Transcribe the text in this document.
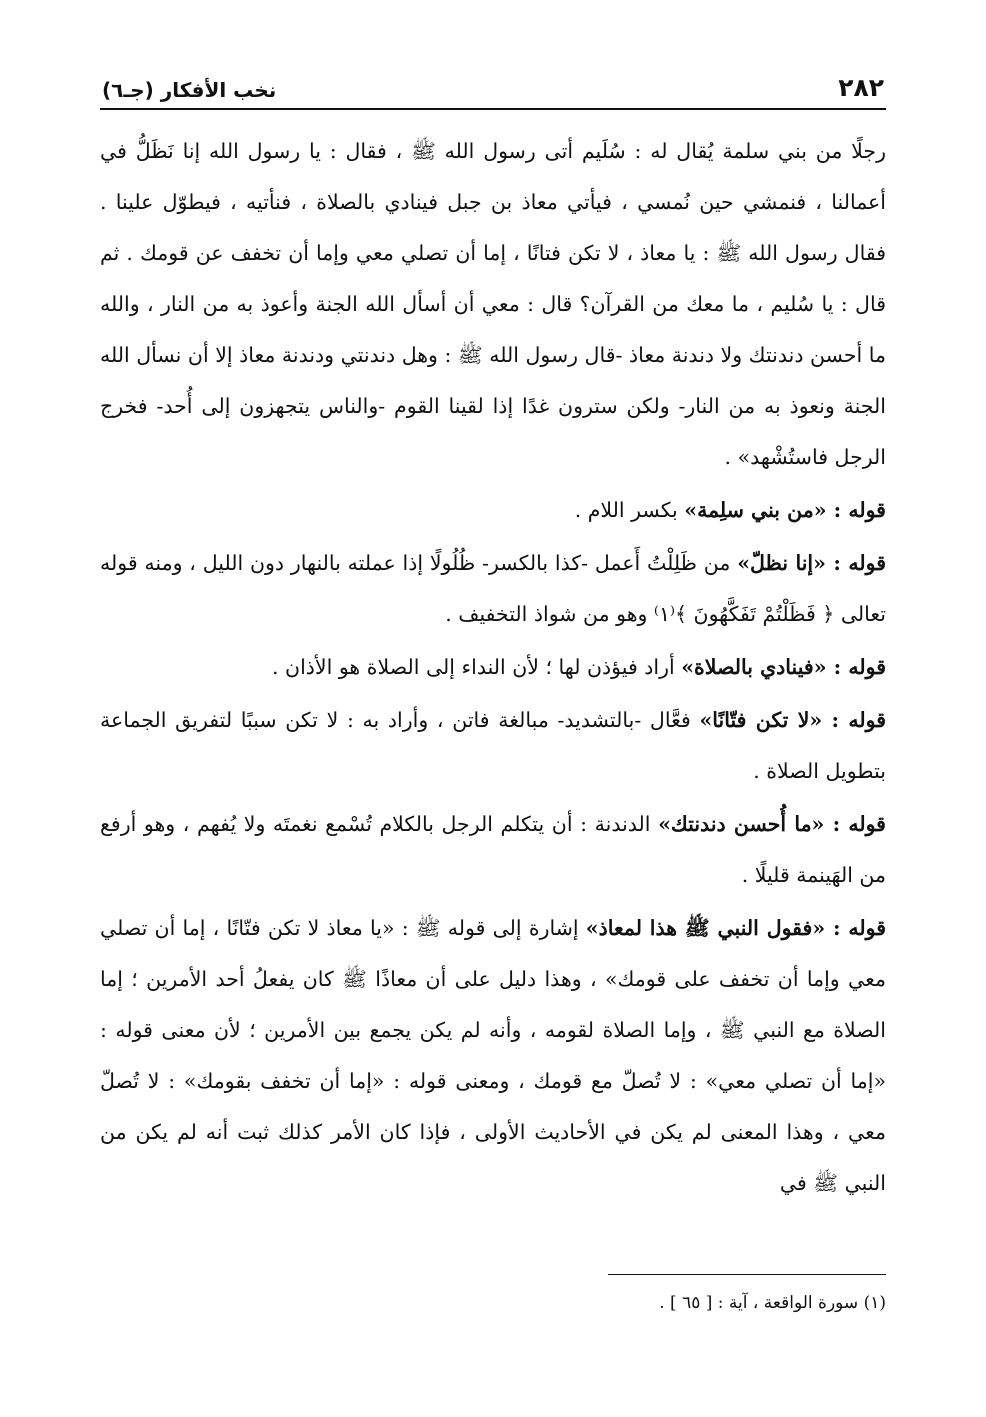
٢٨٢
نخب الأفكار (جـ٦)

رجلًا من بني سلمة يُقال له : سُلَيم أتى رسول الله ﷺ ، فقال : يا رسول الله إنا نَظَلُّ في أعمالنا ، فنمشي حين نُمسي ، فيأتي معاذ بن جبل فينادي بالصلاة ، فنأتيه ، فيطوّل علينا . فقال رسول الله ﷺ : يا معاذ ، لا تكن فتانًا ، إما أن تصلي معي وإما أن تخفف عن قومك . ثم قال : يا سُليم ، ما معك من القرآن؟ قال : معي أن أسأل الله الجنة وأعوذ به من النار ، والله ما أحسن دندنتك ولا دندنة معاذ -قال رسول الله ﷺ : وهل دندنتي ودندنة معاذ إلا أن نسأل الله الجنة ونعوذ به من النار- ولكن سترون غدًا إذا لقينا القوم -والناس يتجهزون إلى أُحد- فخرج الرجل فاستُشْهد» .

قوله : «من بني سلِمة» بكسر اللام .

قوله : «إنا نظلّ» من ظَلِلْتُ أَعمل -كذا بالكسر- ظُلُولًا إذا عملته بالنهار دون الليل ، ومنه قوله تعالى ﴿ فَظَلْتُمْ تَفَكَّهُونَ ﴾⁽١⁾ وهو من شواذ التخفيف .

قوله : «فينادي بالصلاة» أراد فيؤذن لها ؛ لأن النداء إلى الصلاة هو الأذان .

قوله : «لا تكن فتّانًا» فعَّال -بالتشديد- مبالغة فاتن ، وأراد به : لا تكن سببًا لتفريق الجماعة بتطويل الصلاة .

قوله : «ما أُحسن دندنتك» الدندنة : أن يتكلم الرجل بالكلام تُسْمع نغمتَه ولا يُفهم ، وهو أرفع من الهَينمة قليلًا .

قوله : «فقول النبي ﷺ هذا لمعاذ» إشارة إلى قوله ﷺ : «يا معاذ لا تكن فتّانًا ، إما أن تصلي معي وإما أن تخفف على قومك» ، وهذا دليل على أن معاذًا ﷺ كان يفعلُ أحد الأمرين ؛ إما الصلاة مع النبي ﷺ ، وإما الصلاة لقومه ، وأنه لم يكن يجمع بين الأمرين ؛ لأن معنى قوله : «إما أن تصلي معي» : لا تُصلّ مع قومك ، ومعنى قوله : «إما أن تخفف بقومك» : لا تُصلّ معي ، وهذا المعنى لم يكن في الأحاديث الأولى ، فإذا كان الأمر كذلك ثبت أنه لم يكن من النبي ﷺ في

(١) سورة الواقعة ، آية : [ ٦٥ ] .
